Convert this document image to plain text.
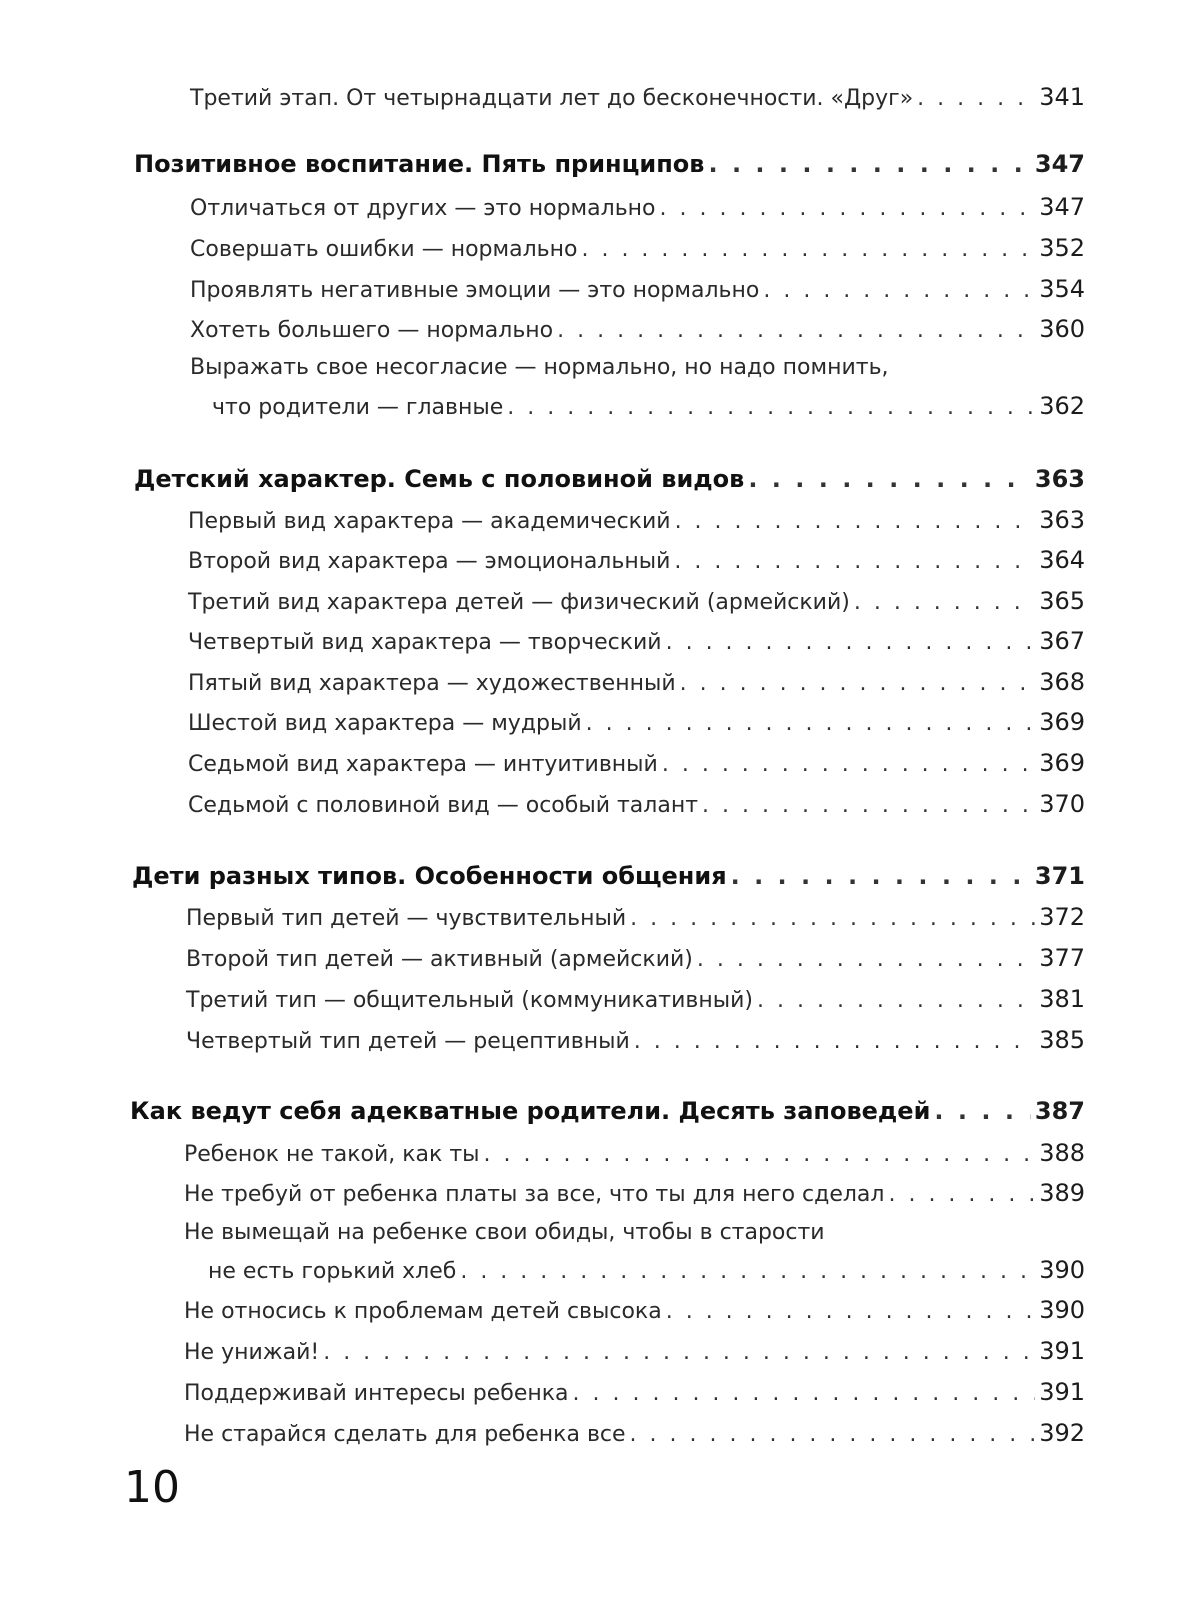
Третий этап. От четырнадцати лет до бесконечности. «Друг» . . .	341
Позитивное воспитание. Пять принципов . . .	347
Отличаться от других — это нормально . . .	347
Совершать ошибки — нормально . . .	352
Проявлять негативные эмоции — это нормально . . .	354
Хотеть большего — нормально . . .	360
Выражать свое несогласие — нормально, но надо помнить,
что родители — главные . . .	362
Детский характер. Семь с половиной видов . . .	363
Первый вид характера — академический . . .	363
Второй вид характера — эмоциональный . . .	364
Третий вид характера детей — физический (армейский) . . .	365
Четвертый вид характера — творческий . . .	367
Пятый вид характера — художественный . . .	368
Шестой вид характера — мудрый . . .	369
Седьмой вид характера — интуитивный . . .	369
Седьмой с половиной вид — особый талант . . .	370
Дети разных типов. Особенности общения . . .	371
Первый тип детей — чувствительный . . .	372
Второй тип детей — активный (армейский) . . .	377
Третий тип — общительный (коммуникативный) . . .	381
Четвертый тип детей — рецептивный . . .	385
Как ведут себя адекватные родители. Десять заповедей . . .	387
Ребенок не такой, как ты . . .	388
Не требуй от ребенка платы за все, что ты для него сделал . . .	389
Не вымещай на ребенке свои обиды, чтобы в старости
не есть горький хлеб . . .	390
Не относись к проблемам детей свысока . . .	390
Не унижай! . . .	391
Поддерживай интересы ребенка . . .	391
Не старайся сделать для ребенка все . . .	392
10
